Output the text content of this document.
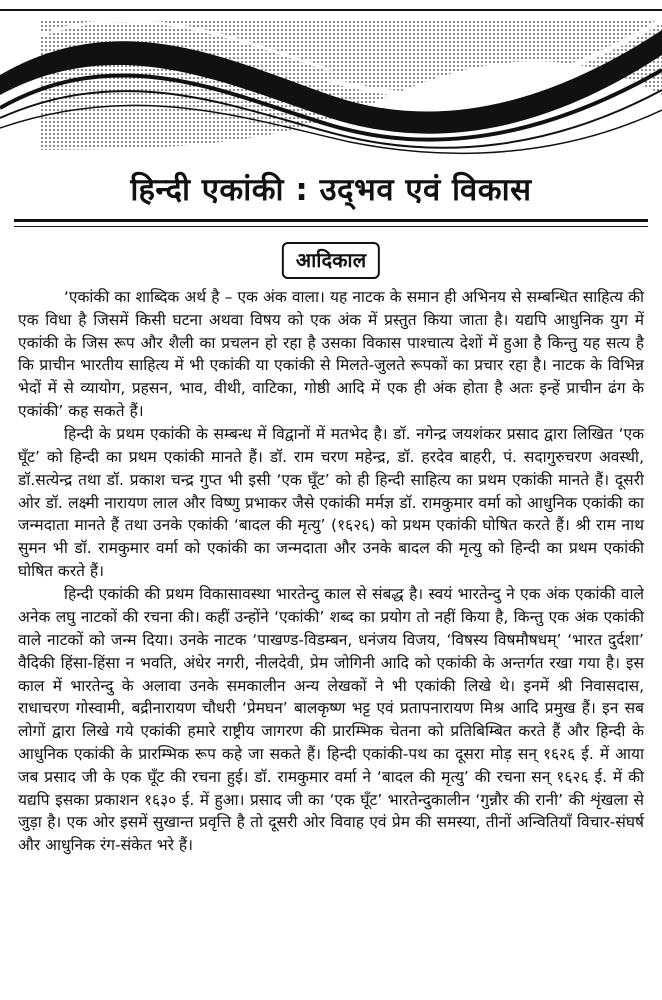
हिन्दी एकांकी : उद्‌भव एवं विकास
आदिकाल

‘एकांकी का शाब्दिक अर्थ है – एक अंक वाला। यह नाटक के समान ही अभिनय से सम्बन्धित साहित्य की एक विधा है जिसमें किसी घटना अथवा विषय को एक अंक में प्रस्तुत किया जाता है। यद्यपि आधुनिक युग में एकांकी के जिस रूप और शैली का प्रचलन हो रहा है उसका विकास पाश्चात्य देशों में हुआ है किन्तु यह सत्य है कि प्राचीन भारतीय साहित्य में भी एकांकी या एकांकी से मिलते-जुलते रूपकों का प्रचार रहा है। नाटक के विभिन्न भेदों में से व्यायोग, प्रहसन, भाव, वीथी, वाटिका, गोष्ठी आदि में एक ही अंक होता है अतः इन्हें प्राचीन ढंग के एकांकी’ कह सकते हैं।

हिन्दी के प्रथम एकांकी के सम्बन्ध में विद्वानों में मतभेद है। डॉ. नगेन्द्र जयशंकर प्रसाद द्वारा लिखित ‘एक घूँट’ को हिन्दी का प्रथम एकांकी मानते हैं। डॉ. राम चरण महेन्द्र, डॉ. हरदेव बाहरी, पं. सदागुरुचरण अवस्थी, डॉ.सत्येन्द्र तथा डॉ. प्रकाश चन्द्र गुप्त भी इसी ‘एक घूँट’ को ही हिन्दी साहित्य का प्रथम एकांकी मानते हैं। दूसरी ओर डॉ. लक्ष्मी नारायण लाल और विष्णु प्रभाकर जैसे एकांकी मर्मज्ञ डॉ. रामकुमार वर्मा को आधुनिक एकांकी का जन्मदाता मानते हैं तथा उनके एकांकी ‘बादल की मृत्यु’ (१६२६) को प्रथम एकांकी घोषित करते हैं। श्री राम नाथ सुमन भी डॉ. रामकुमार वर्मा को एकांकी का जन्मदाता और उनके बादल की मृत्यु को हिन्दी का प्रथम एकांकी घोषित करते हैं।

हिन्दी एकांकी की प्रथम विकासावस्था भारतेन्दु काल से संबद्ध है। स्वयं भारतेन्दु ने एक अंक एकांकी वाले अनेक लघु नाटकों की रचना की। कहीं उन्होंने ‘एकांकी’ शब्द का प्रयोग तो नहीं किया है, किन्तु एक अंक एकांकी वाले नाटकों को जन्म दिया। उनके नाटक ‘पाखण्ड-विडम्बन, धनंजय विजय, ‘विषस्य विषमौषधम्’ ‘भारत दुर्दशा’ वैदिकी हिंसा-हिंसा न भवति, अंधेर नगरी, नीलदेवी, प्रेम जोगिनी आदि को एकांकी के अन्तर्गत रखा गया है। इस काल में भारतेन्दु के अलावा उनके समकालीन अन्य लेखकों ने भी एकांकी लिखे थे। इनमें श्री निवासदास, राधाचरण गोस्वामी, बद्रीनारायण चौधरी ‘प्रेमघन’ बालकृष्ण भट्ट एवं प्रतापनारायण मिश्र आदि प्रमुख हैं। इन सब लोगों द्वारा लिखे गये एकांकी हमारे राष्ट्रीय जागरण की प्रारम्भिक चेतना को प्रतिबिम्बित करते हैं और हिन्दी के आधुनिक एकांकी के प्रारम्भिक रूप कहे जा सकते हैं। हिन्दी एकांकी-पथ का दूसरा मोड़ सन् १६२६ ई. में आया जब प्रसाद जी के एक घूँट की रचना हुई। डॉ. रामकुमार वर्मा ने ‘बादल की मृत्यु’ की रचना सन् १६२६ ई. में की यद्यपि इसका प्रकाशन १६३० ई. में हुआ। प्रसाद जी का ‘एक घूँट’ भारतेन्दुकालीन ‘गुन्नौर की रानी’ की शृंखला से जुड़ा है। एक ओर इसमें सुखान्त प्रवृत्ति है तो दूसरी ओर विवाह एवं प्रेम की समस्या, तीनों अन्वितियाँ विचार-संघर्ष और आधुनिक रंग-संकेत भरे हैं।
